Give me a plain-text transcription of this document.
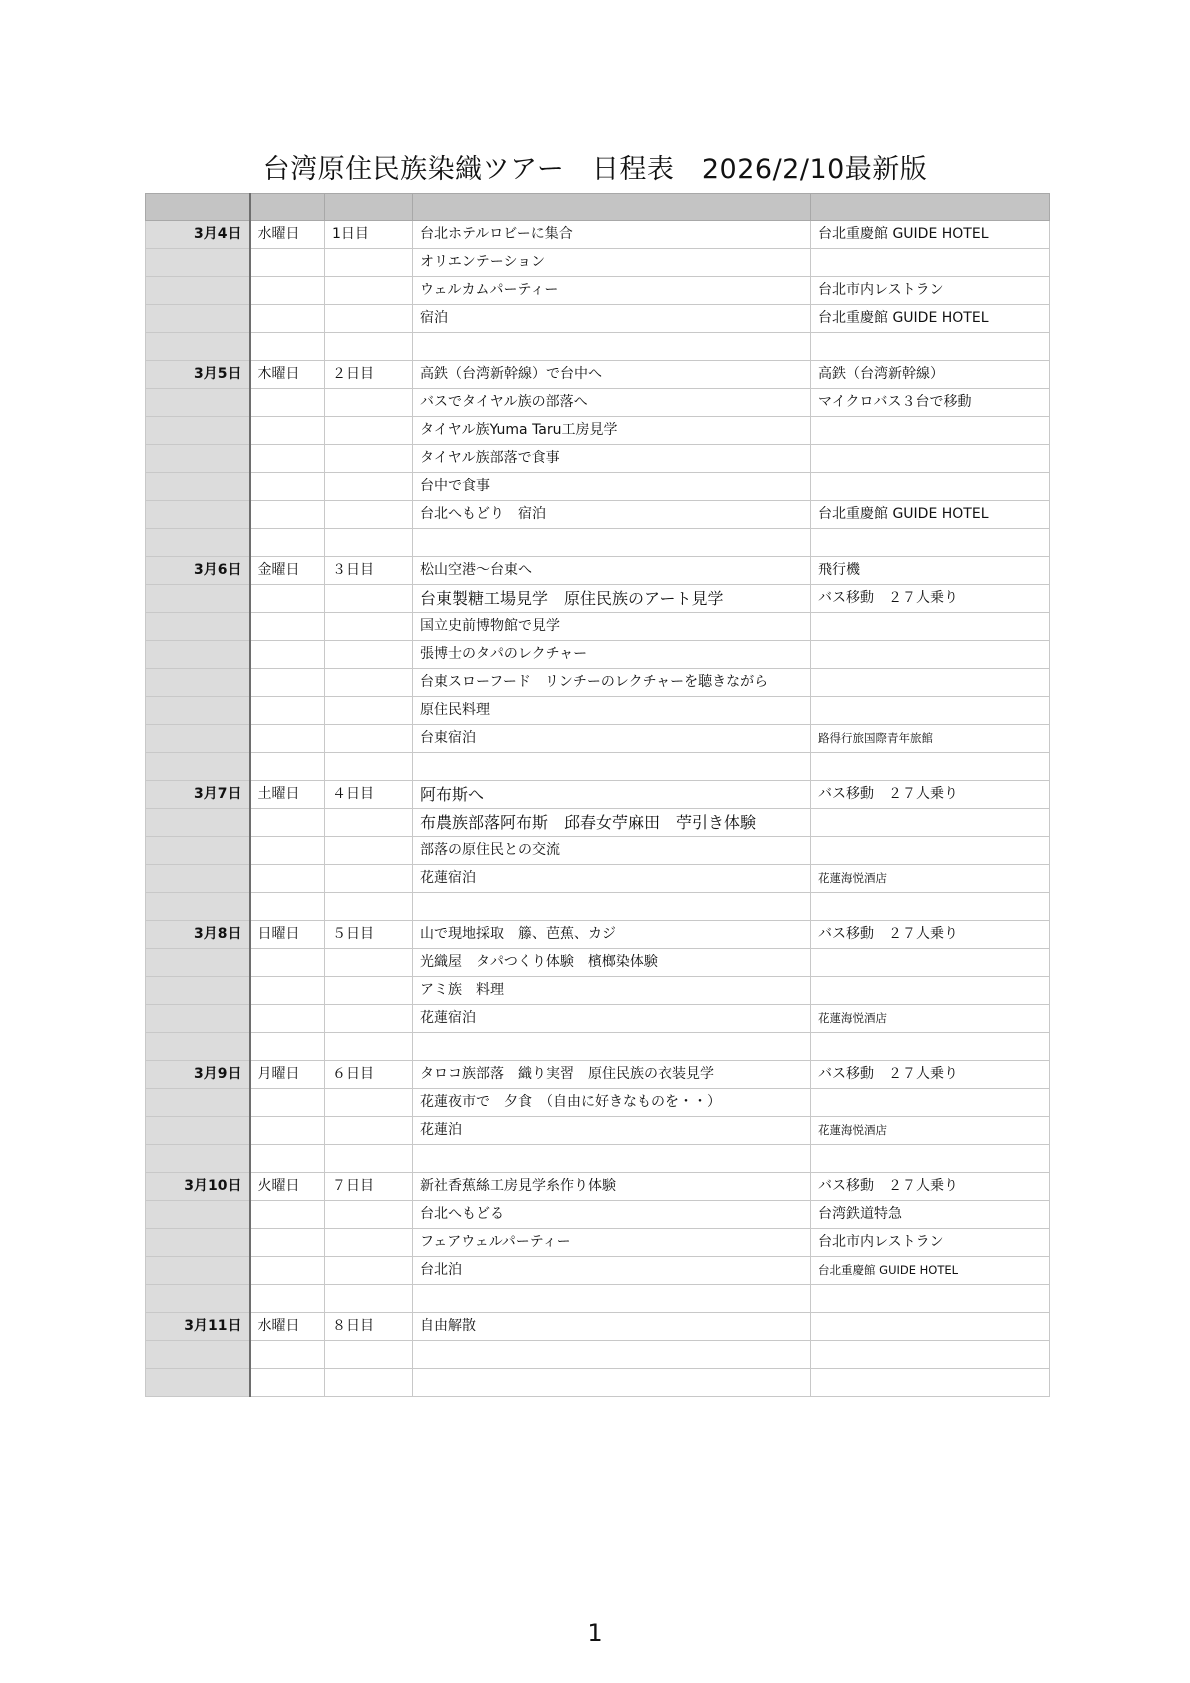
台湾原住民族染織ツアー　日程表　2026/2/10最新版

3月4日	水曜日	1日目	台北ホテルロビーに集合	台北重慶館 GUIDE HOTEL
			オリエンテーション	
			ウェルカムパーティー	台北市内レストラン
			宿泊	台北重慶館 GUIDE HOTEL

3月5日	木曜日	２日目	高鉄（台湾新幹線）で台中へ	高鉄（台湾新幹線）
			バスでタイヤル族の部落へ	マイクロバス３台で移動
			タイヤル族Yuma Taru工房見学	
			タイヤル族部落で食事	
			台中で食事	
			台北へもどり　宿泊	台北重慶館 GUIDE HOTEL

3月6日	金曜日	３日目	松山空港〜台東へ	飛行機
			台東製糖工場見学　原住民族のアート見学	バス移動　２７人乗り
			国立史前博物館で見学	
			張博士のタパのレクチャー	
			台東スローフード　リンチーのレクチャーを聴きながら	
			原住民料理	
			台東宿泊	路得行旅国際青年旅館

3月7日	土曜日	４日目	阿布斯へ	バス移動　２７人乗り
			布農族部落阿布斯　邱春女苧麻田　苧引き体験	
			部落の原住民との交流	
			花蓮宿泊	花蓮海悦酒店

3月8日	日曜日	５日目	山で現地採取　籐、芭蕉、カジ	バス移動　２７人乗り
			光織屋　タパつくり体験　檳榔染体験	
			アミ族　料理	
			花蓮宿泊	花蓮海悦酒店

3月9日	月曜日	６日目	タロコ族部落　織り実習　原住民族の衣装見学	バス移動　２７人乗り
			花蓮夜市で　夕食　（自由に好きなものを・・）	
			花蓮泊	花蓮海悦酒店

3月10日	火曜日	７日目	新社香蕉絲工房見学糸作り体験	バス移動　２７人乗り
			台北へもどる	台湾鉄道特急
			フェアウェルパーティー	台北市内レストラン
			台北泊	台北重慶館 GUIDE HOTEL

3月11日	水曜日	８日目	自由解散	

1
